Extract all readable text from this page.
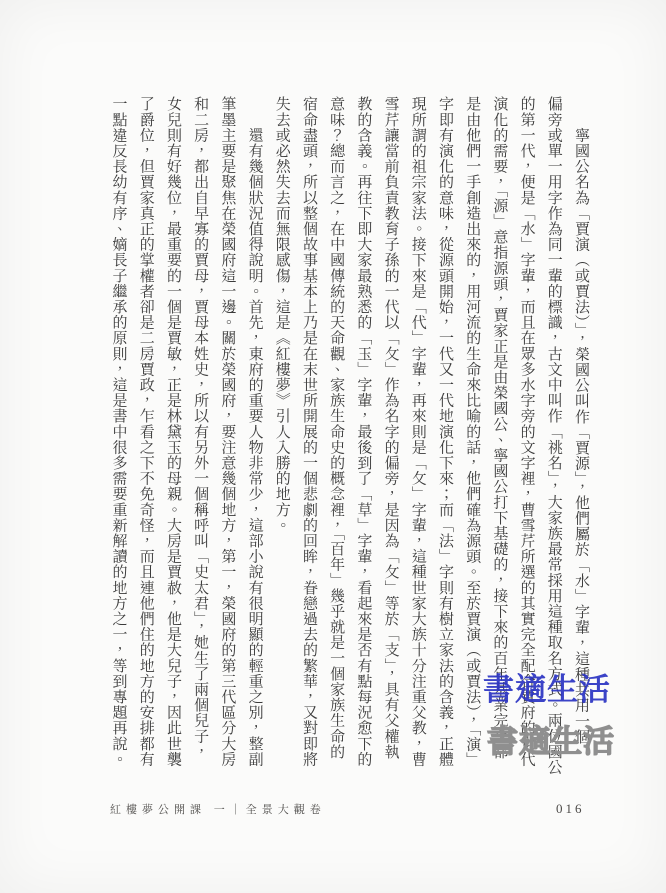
　　寧國公名為「賈演（或賈法）」，榮國公叫作「賈源」，他們屬於「水」字輩，這種共用一個
偏旁或單一用字作為同一輩的標識，古文中叫作「祧名」，大家族最常採用這種取名方式。兩位國公
的第一代，便是「水」字輩，而且在眾多水字旁的文字裡，曹雪芹所選的其實完全配合賈府的世代
演化的需要，「源」意指源頭，賈家正是由榮國公、寧國公打下基礎的，接下來的百年基業完全都
是由他們一手創造出來的，用河流的生命來比喻的話，他們確為源頭。至於賈演（或賈法），「演」
字即有演化的意味，從源頭開始，一代又一代地演化下來；而「法」字則有樹立家法的含義，正體
現所謂的祖宗家法。接下來是「代」字輩，再來則是「攵」字輩，這種世家大族十分注重父教，曹
雪芹讓當前負責教育子孫的一代以「攵」作為名字的偏旁，是因為「攵」等於「支」，具有父權執
教的含義。再往下即大家最熟悉的「玉」字輩，最後到了「草」字輩，看起來是否有點每況愈下的
意味？總而言之，在中國傳統的天命觀、家族生命史的概念裡，「百年」幾乎就是一個家族生命的
宿命盡頭，所以整個故事基本上乃是在末世所開展的一個悲劇的回眸，眷戀過去的繁華，又對即將
失去或必然失去而無限感傷，這是《紅樓夢》引人入勝的地方。
　　還有幾個狀況值得說明。首先，東府的重要人物非常少，這部小說有很明顯的輕重之別，整副
筆墨主要是聚焦在榮國府這一邊。關於榮國府，要注意幾個地方，第一，榮國府的第三代區分大房
和二房，都出自早寡的賈母，賈母本姓史，所以有另外一個稱呼叫「史太君」，她生了兩個兒子，
女兒則有好幾位，最重要的一個是賈敏，正是林黛玉的母親。大房是賈赦，他是大兒子，因此世襲
了爵位，但賈家真正的掌權者卻是二房賈政，乍看之下不免奇怪，而且連他們住的地方的安排都有
一點違反長幼有序、嫡長子繼承的原則，這是書中很多需要重新解讀的地方之一，等到專題再說。	書適生活
書適生活
紅樓夢公開課 一｜全景大觀卷	016
